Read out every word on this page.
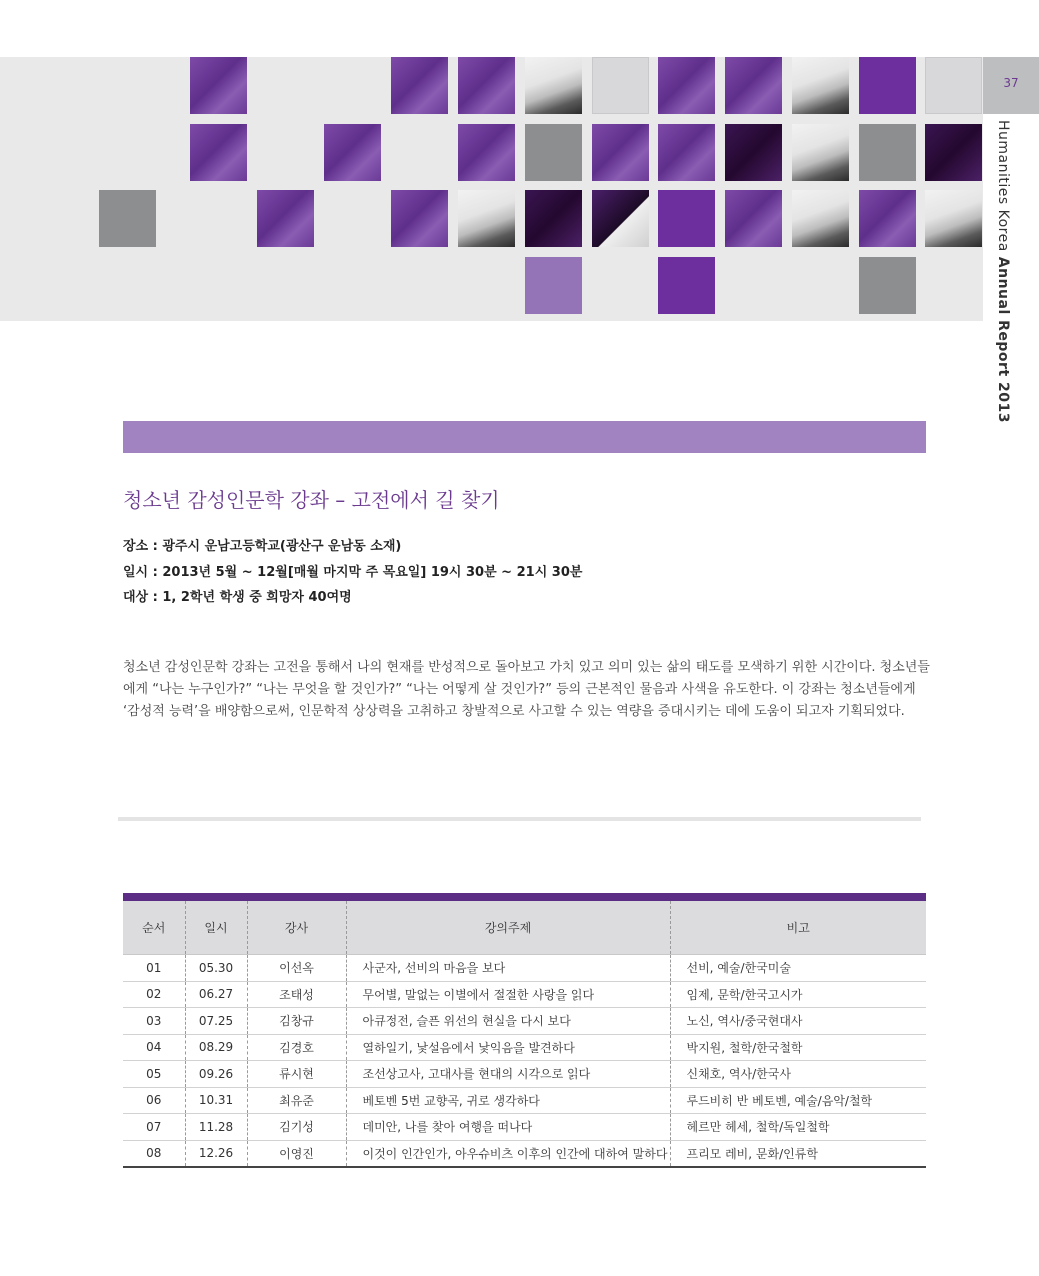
37
Humanities Korea Annual Report 2013
청소년 감성인문학 강좌 – 고전에서 길 찾기
장소 : 광주시 운남고등학교(광산구 운남동 소재)
일시 : 2013년 5월 ~ 12월[매월 마지막 주 목요일] 19시 30분 ~ 21시 30분
대상 : 1, 2학년 학생 중 희망자 40여명

청소년 감성인문학 강좌는 고전을 통해서 나의 현재를 반성적으로 돌아보고 가치 있고 의미 있는 삶의 태도를 모색하기 위한 시간이다. 청소년들에게 “나는 누구인가?” “나는 무엇을 할 것인가?” “나는 어떻게 살 것인가?” 등의 근본적인 물음과 사색을 유도한다. 이 강좌는 청소년들에게 ‘감성적 능력’을 배양함으로써, 인문학적 상상력을 고취하고 창발적으로 사고할 수 있는 역량을 증대시키는 데에 도움이 되고자 기획되었다.

순서	일시	강사	강의주제	비고
01	05.30	이선옥	사군자, 선비의 마음을 보다	선비, 예술/한국미술
02	06.27	조태성	무어별, 말없는 이별에서 절절한 사랑을 읽다	임제, 문학/한국고시가
03	07.25	김창규	아큐정전, 슬픈 위선의 현실을 다시 보다	노신, 역사/중국현대사
04	08.29	김경호	열하일기, 낯설음에서 낯익음을 발견하다	박지원, 철학/한국철학
05	09.26	류시현	조선상고사, 고대사를 현대의 시각으로 읽다	신채호, 역사/한국사
06	10.31	최유준	베토벤 5번 교향곡, 귀로 생각하다	루드비히 반 베토벤, 예술/음악/철학
07	11.28	김기성	데미안, 나를 찾아 여행을 떠나다	헤르만 헤세, 철학/독일철학
08	12.26	이영진	이것이 인간인가, 아우슈비츠 이후의 인간에 대하여 말하다	프리모 레비, 문화/인류학
